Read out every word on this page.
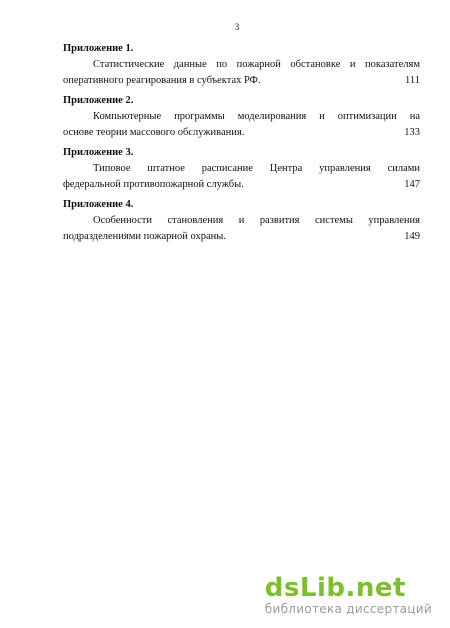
3
Приложение 1.
Статистические данные по пожарной обстановке и показателям
оперативного реагирования в субъектах РФ.	111
Приложение 2.
Компьютерные программы моделирования и оптимизации на
основе теории массового обслуживания.	133
Приложение 3.
Типовое штатное расписание Центра управления силами
федеральной противопожарной службы.	147
Приложение 4.
Особенности становления и развития системы управления
подразделениями пожарной охраны.	149
dsLib.net
библиотека диссертаций
